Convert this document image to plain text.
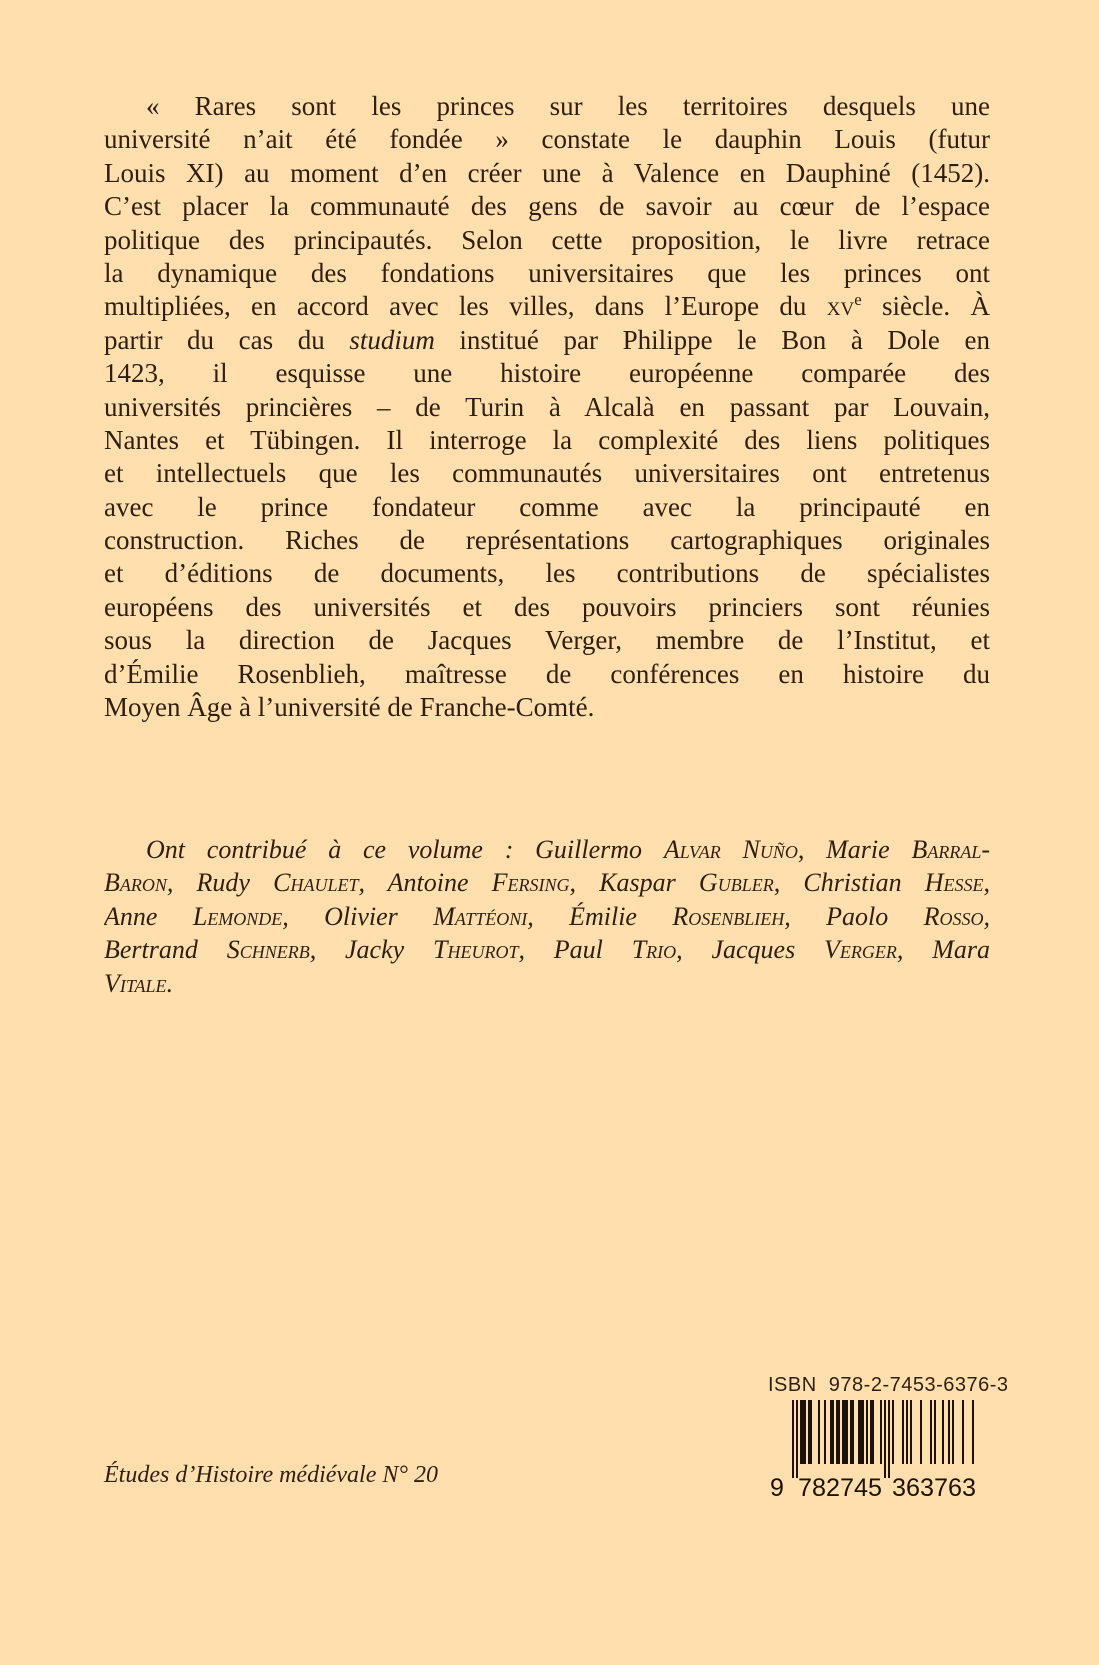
« Rares sont les princes sur les territoires desquels une
université n’ait été fondée » constate le dauphin Louis (futur
Louis XI) au moment d’en créer une à Valence en Dauphiné (1452).
C’est placer la communauté des gens de savoir au cœur de l’espace
politique des principautés. Selon cette proposition, le livre retrace
la dynamique des fondations universitaires que les princes ont
multipliées, en accord avec les villes, dans l’Europe du $xv^e$ siècle. À
partir du cas du studium institué par Philippe le Bon à Dole en
1423, il esquisse une histoire européenne comparée des
universités princières – de Turin à Alcalà en passant par Louvain,
Nantes et Tübingen. Il interroge la complexité des liens politiques
et intellectuels que les communautés universitaires ont entretenus
avec le prince fondateur comme avec la principauté en
construction. Riches de représentations cartographiques originales
et d’éditions de documents, les contributions de spécialistes
européens des universités et des pouvoirs princiers sont réunies
sous la direction de Jacques Verger, membre de l’Institut, et
d’Émilie Rosenblieh, maîtresse de conférences en histoire du
Moyen Âge à l’université de Franche-Comté.
Ont contribué à ce volume : Guillermo Alvar Nuño, Marie Barral-
Baron, Rudy Chaulet, Antoine Fersing, Kaspar Gubler, Christian Hesse,
Anne Lemonde, Olivier Mattéoni, Émilie Rosenblieh, Paolo Rosso,
Bertrand Schnerb, Jacky Theurot, Paul Trio, Jacques Verger, Mara
Vitale.
Études d’Histoire médiévale N° 20
ISBN  978-2-7453-6376-3
9 782745 363763
